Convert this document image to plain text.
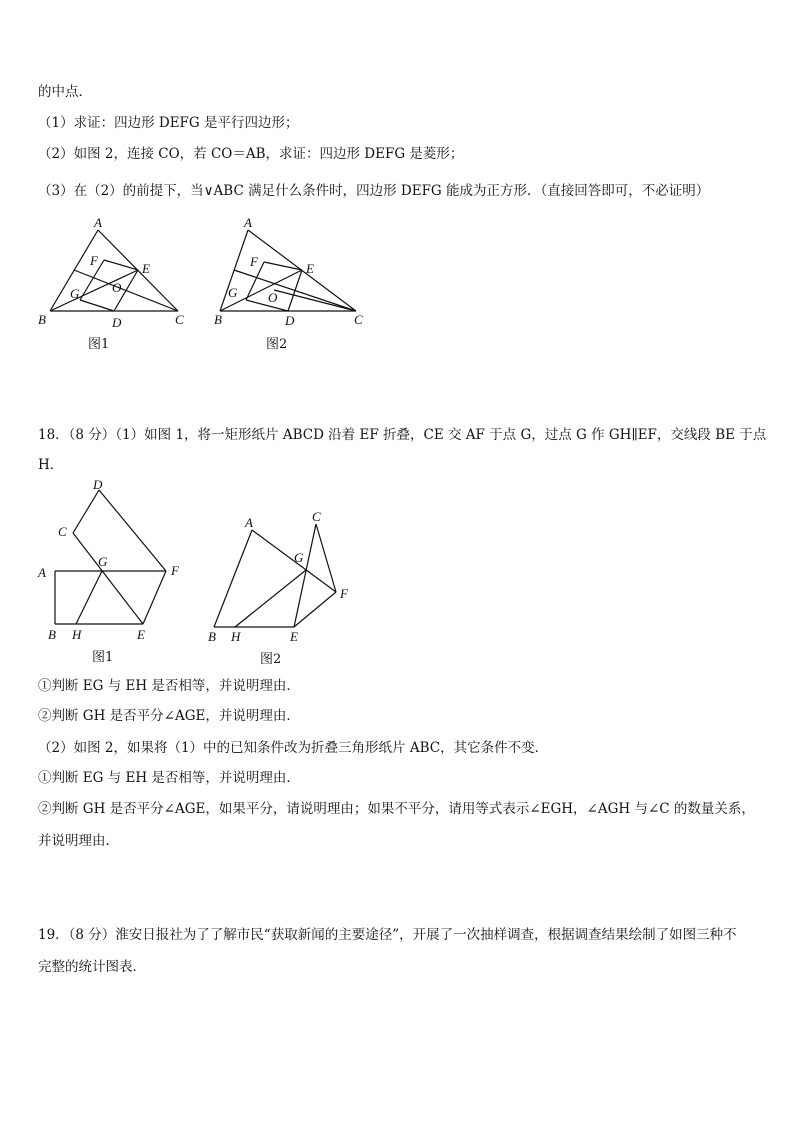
的中点．
（1）求证：四边形 DEFG 是平行四边形；
（2）如图 2，连接 CO，若 CO＝AB，求证：四边形 DEFG 是菱形；
（3）在（2）的前提下，当∨ABC 满足什么条件时，四边形 DEFG 能成为正方形．（直接回答即可，不必证明）
A
B	C
D
E
F
G	O
图1
A
B	C
D
E
F
G O
图2
18．（8 分）（1）如图 1，将一矩形纸片 ABCD 沿着 EF 折叠，CE 交 AF 于点 G，过点 G 作 GH∥EF，交线段 BE 于点
H．
D
C
G
A	F
B H	E
图1
A	C
G
F
B H	E
图2
①判断 EG 与 EH 是否相等，并说明理由．
②判断 GH 是否平分∠AGE，并说明理由．
（2）如图 2，如果将（1）中的已知条件改为折叠三角形纸片 ABC，其它条件不变．
①判断 EG 与 EH 是否相等，并说明理由．
②判断 GH 是否平分∠AGE，如果平分，请说明理由；如果不平分，请用等式表示∠EGH，∠AGH 与∠C 的数量关系，
并说明理由．
19．（8 分）淮安日报社为了了解市民“获取新闻的主要途径”，开展了一次抽样调查，根据调查结果绘制了如图三种不
完整的统计图表．
